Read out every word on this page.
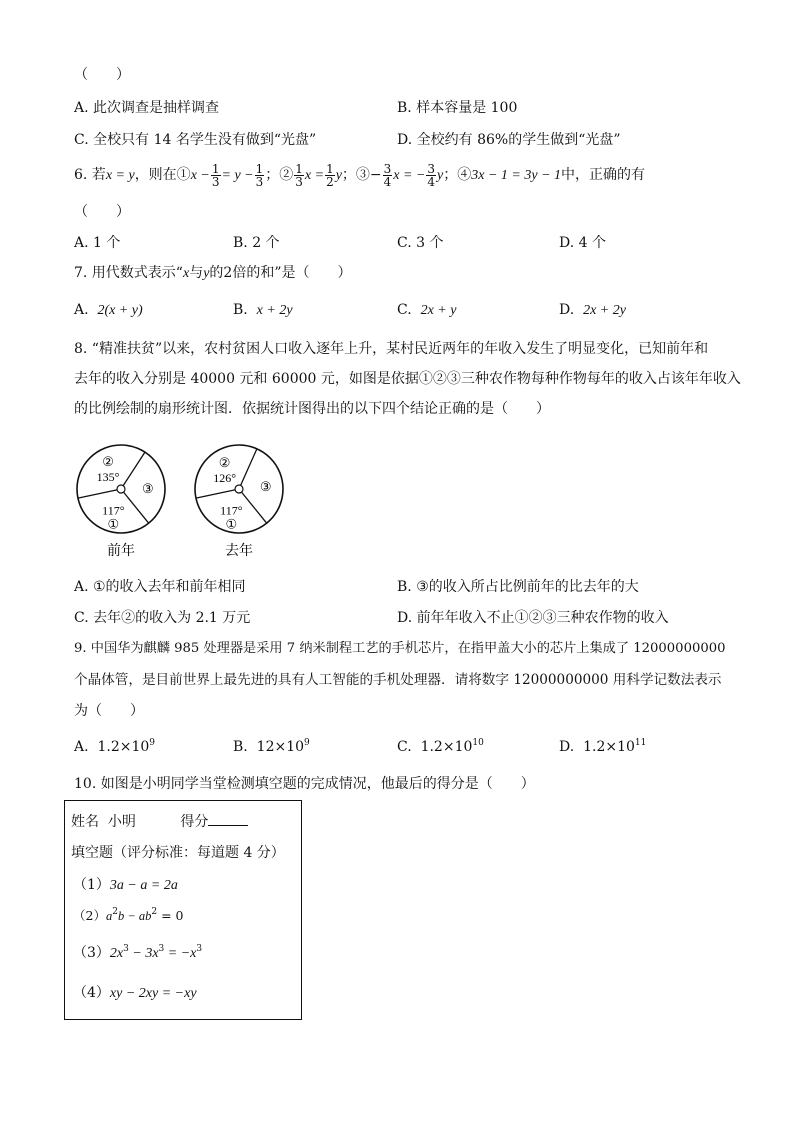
（　　）
A. 此次调查是抽样调查	B. 样本容量是 100
C. 全校只有 14 名学生没有做到“光盘”	D. 全校约有 86%的学生做到“光盘”
6. 若x = y，则在①x − $\frac{1}{3} = y - \frac{1}{3}$ ；② $\frac{1}{3}$ $x = \frac{1}{2}$ y；③− $\frac{3}{4}$ x = − $\frac{3}{4}$ y；④3x − 1 = 3y − 1中，正确的有
（　　）
A. 1 个	B. 2 个	C. 3 个	D. 4 个
7. 用代数式表示“x与y的2倍的和”是（　　）
A. 2(x + y)	B. x + 2y	C. 2x + y	D. 2x + 2y
8. “精准扶贫”以来，农村贫困人口收入逐年上升，某村民近两年的年收入发生了明显变化，已知前年和
去年的收入分别是 40000 元和 60000 元，如图是依据①②③三种农作物每种作物每年的收入占该年年收入
的比例绘制的扇形统计图．依据统计图得出的以下四个结论正确的是（　　）
②
135°
①
117°
③
前年
②
126°
①
117°
③
去年
A. ①的收入去年和前年相同	B. ③的收入所占比例前年的比去年的大
C. 去年②的收入为 2.1 万元	D. 前年年收入不止①②③三种农作物的收入
9. 中国华为麒麟 985 处理器是采用 7 纳米制程工艺的手机芯片，在指甲盖大小的芯片上集成了 12000000000
个晶体管，是目前世界上最先进的具有人工智能的手机处理器．请将数字 12000000000 用科学记数法表示
为（　　）
A. $1.2\times 10^9$	B. $12\times 10^9$	C. $1.2\times 10^{10}$	D. $1.2\times 10^{11}$
10. 如图是小明同学当堂检测填空题的完成情况，他最后的得分是（　　）
姓名 小明	得分
填空题（评分标准：每道题 4 分）
（1）3a − a = 2a
$(2)a^2b - ab^2 = 0$
$(3)2x^3 - 3x^3 = -x^3$
（4）xy − 2xy = −xy
